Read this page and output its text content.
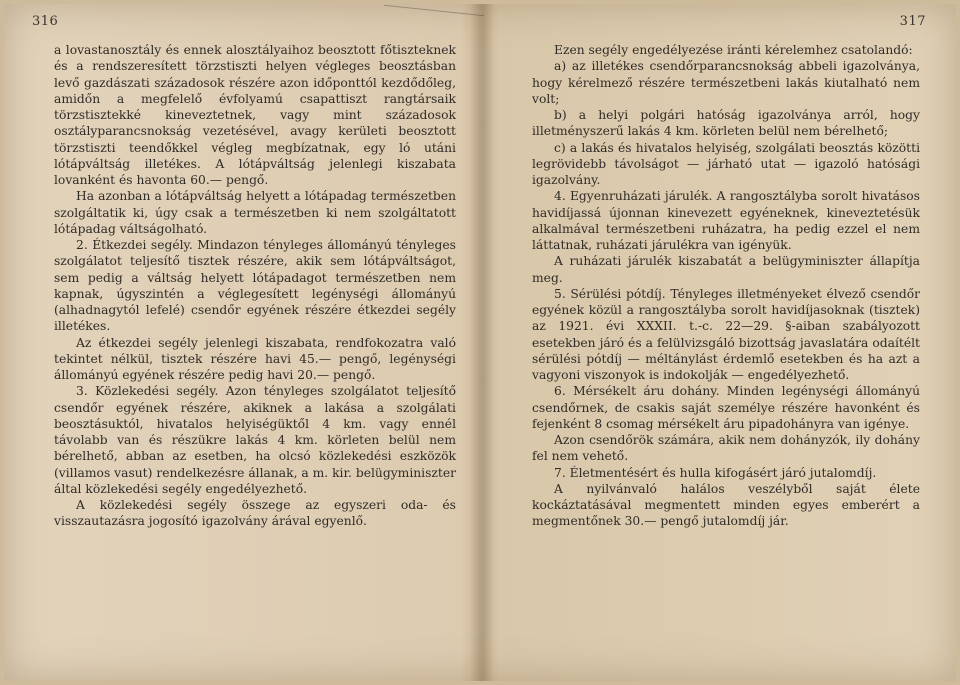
316

a lovastanosztály és ennek alosztályaihoz beosztott főtiszteknek és a rendszeresített törzstiszti helyen végleges beosztásban levő gazdászati századosok részére azon időponttól kezdődőleg, amidőn a megfelelő évfolyamú csapattiszt rangtársaik törzstisztekké kineveztetnek, vagy mint századosok osztályparancsnokság vezetésével, avagy kerületi beosztott törzstiszti teendőkkel végleg megbízatnak, egy ló utáni lótápváltság illetékes. A lótápváltság jelenlegi kiszabata lovanként és havonta 60.— pengő.

Ha azonban a lótápváltság helyett a lótápadag természetben szolgáltatik ki, úgy csak a természetben ki nem szolgáltatott lótápadag váltságolható.

2. Étkezdei segély. Mindazon tényleges állományú tényleges szolgálatot teljesítő tisztek részére, akik sem lótápváltságot, sem pedig a váltság helyett lótápadagot természetben nem kapnak, úgyszintén a véglegesített legénységi állományú (alhadnagytól lefelé) csendőr egyének részére étkezdei segély illetékes.

Az étkezdei segély jelenlegi kiszabata, rendfokozatra való tekintet nélkül, tisztek részére havi 45.— pengő, legénységi állományú egyének részére pedig havi 20.— pengő.

3. Közlekedési segély. Azon tényleges szolgálatot teljesítő csendőr egyének részére, akiknek a lakása a szolgálati beosztásuktól, hivatalos helyiségüktől 4 km. vagy ennél távolabb van és részükre lakás 4 km. körleten belül nem bérelhető, abban az esetben, ha olcsó közlekedési eszközök (villamos vasut) rendelkezésre állanak, a m. kir. belügyminiszter által közlekedési segély engedélyezhető.

A közlekedési segély összege az egyszeri oda- és visszautazásra jogosító igazolvány árával egyenlő.

317

Ezen segély engedélyezése iránti kérelemhez csatolandó:

a) az illetékes csendőrparancsnokság abbeli igazolványa, hogy kérelmező részére természetbeni lakás kiutalható nem volt;

b) a helyi polgári hatóság igazolványa arról, hogy illetményszerű lakás 4 km. körleten belül nem bérelhető;

c) a lakás és hivatalos helyiség, szolgálati beosztás közötti legrövidebb távolságot — járható utat — igazoló hatósági igazolvány.

4. Egyenruházati járulék. A rangosztályba sorolt hivatásos havidíjassá újonnan kinevezett egyéneknek, kineveztetésük alkalmával természetbeni ruházatra, ha pedig ezzel el nem láttatnak, ruházati járulékra van igényük.

A ruházati járulék kiszabatát a belügyminiszter állapítja meg.

5. Sérülési pótdíj. Tényleges illetményeket élvező csendőr egyének közül a rangosztályba sorolt havidíjasoknak (tisztek) az 1921. évi XXXII. t.-c. 22—29. §-aiban szabályozott esetekben járó és a felülvizsgáló bizottság javaslatára odaítélt sérülési pótdíj — méltánylást érdemlő esetekben és ha azt a vagyoni viszonyok is indokolják — engedélyezhető.

6. Mérsékelt áru dohány. Minden legénységi állományú csendőrnek, de csakis saját személye részére havonként és fejenként 8 csomag mérsékelt áru pipadohányra van igénye.

Azon csendőrök számára, akik nem dohányzók, ily dohány fel nem vehető.

7. Életmentésért és hulla kifogásért járó jutalomdíj.

A nyilvánvaló halálos veszélyből saját élete kockáztatásával megmentett minden egyes emberért a megmentőnek 30.— pengő jutalomdíj jár.
